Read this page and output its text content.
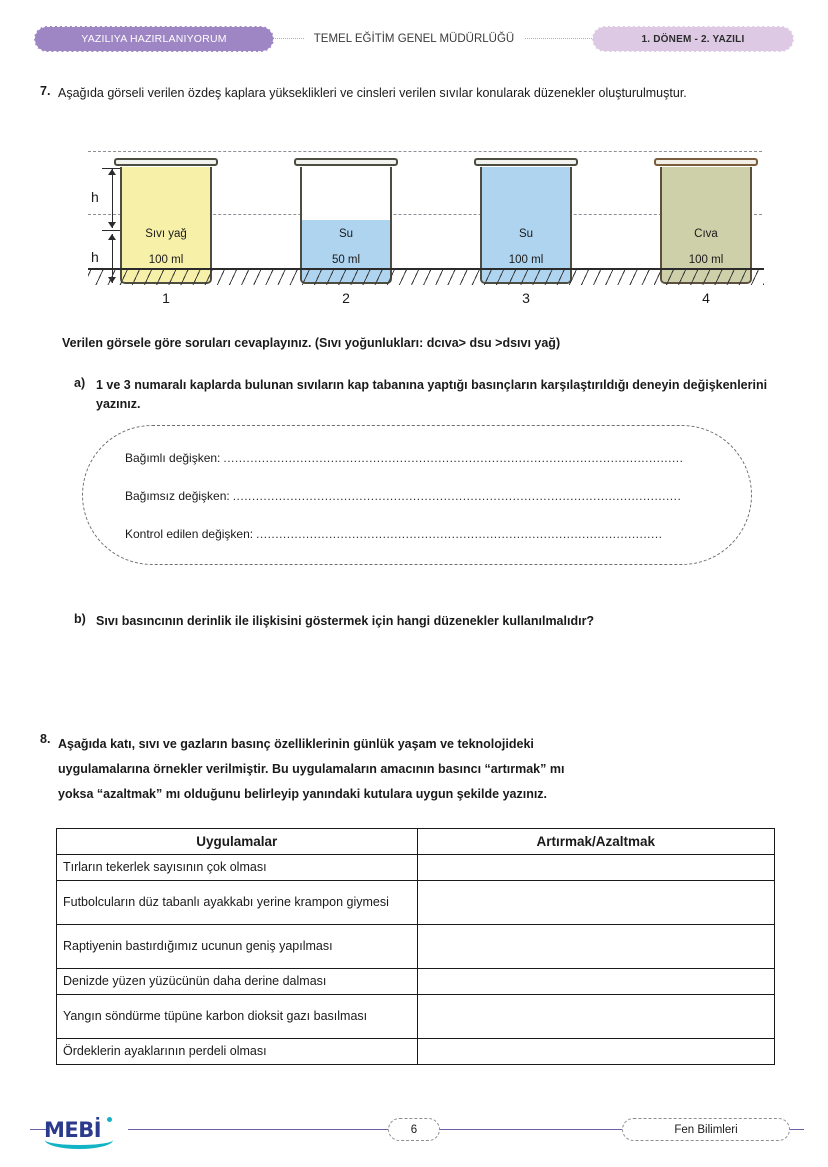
TEMEL EĞİTİM GENEL MÜDÜRLÜĞÜ
YAZILIYA HAZIRLANIYORUM	1. DÖNEM - 2. YAZILI
7. Aşağıda görseli verilen özdeş kaplara yükseklikleri ve cinsleri verilen sıvılar konularak düzenekler oluşturulmuştur.
h
h
Sıvı yağ
100 ml
1
Su
50 ml
2
Su
100 ml
3
Cıva
100 ml
4
Verilen görsele göre soruları cevaplayınız. (Sıvı yoğunlukları: dcıva> dsu >dsıvı yağ)
a) 1 ve 3 numaralı kaplarda bulunan sıvıların kap tabanına yaptığı basınçların karşılaştırıldığı deneyin değişkenlerini yazınız.
Bağımlı değişken: ........................................................................................................................
Bağımsız değişken: .....................................................................................................................
Kontrol edilen değişken: ..........................................................................................................
b) Sıvı basıncının derinlik ile ilişkisini göstermek için hangi düzenekler kullanılmalıdır?
8. Aşağıda katı, sıvı ve gazların basınç özelliklerinin günlük yaşam ve teknolojideki
uygulamalarına örnekler verilmiştir. Bu uygulamaların amacının basıncı “artırmak” mı
yoksa “azaltmak” mı olduğunu belirleyip yanındaki kutulara uygun şekilde yazınız.
Uygulamalar	Artırmak/Azaltmak
Tırların tekerlek sayısının çok olması	
Futbolcuların düz tabanlı ayakkabı yerine krampon giymesi	
Raptiyenin bastırdığımız ucunun geniş yapılması	
Denizde yüzen yüzücünün daha derine dalması	
Yangın söndürme tüpüne karbon dioksit gazı basılması	
Ördeklerin ayaklarının perdeli olması	
MEBİ	6	Fen Bilimleri
